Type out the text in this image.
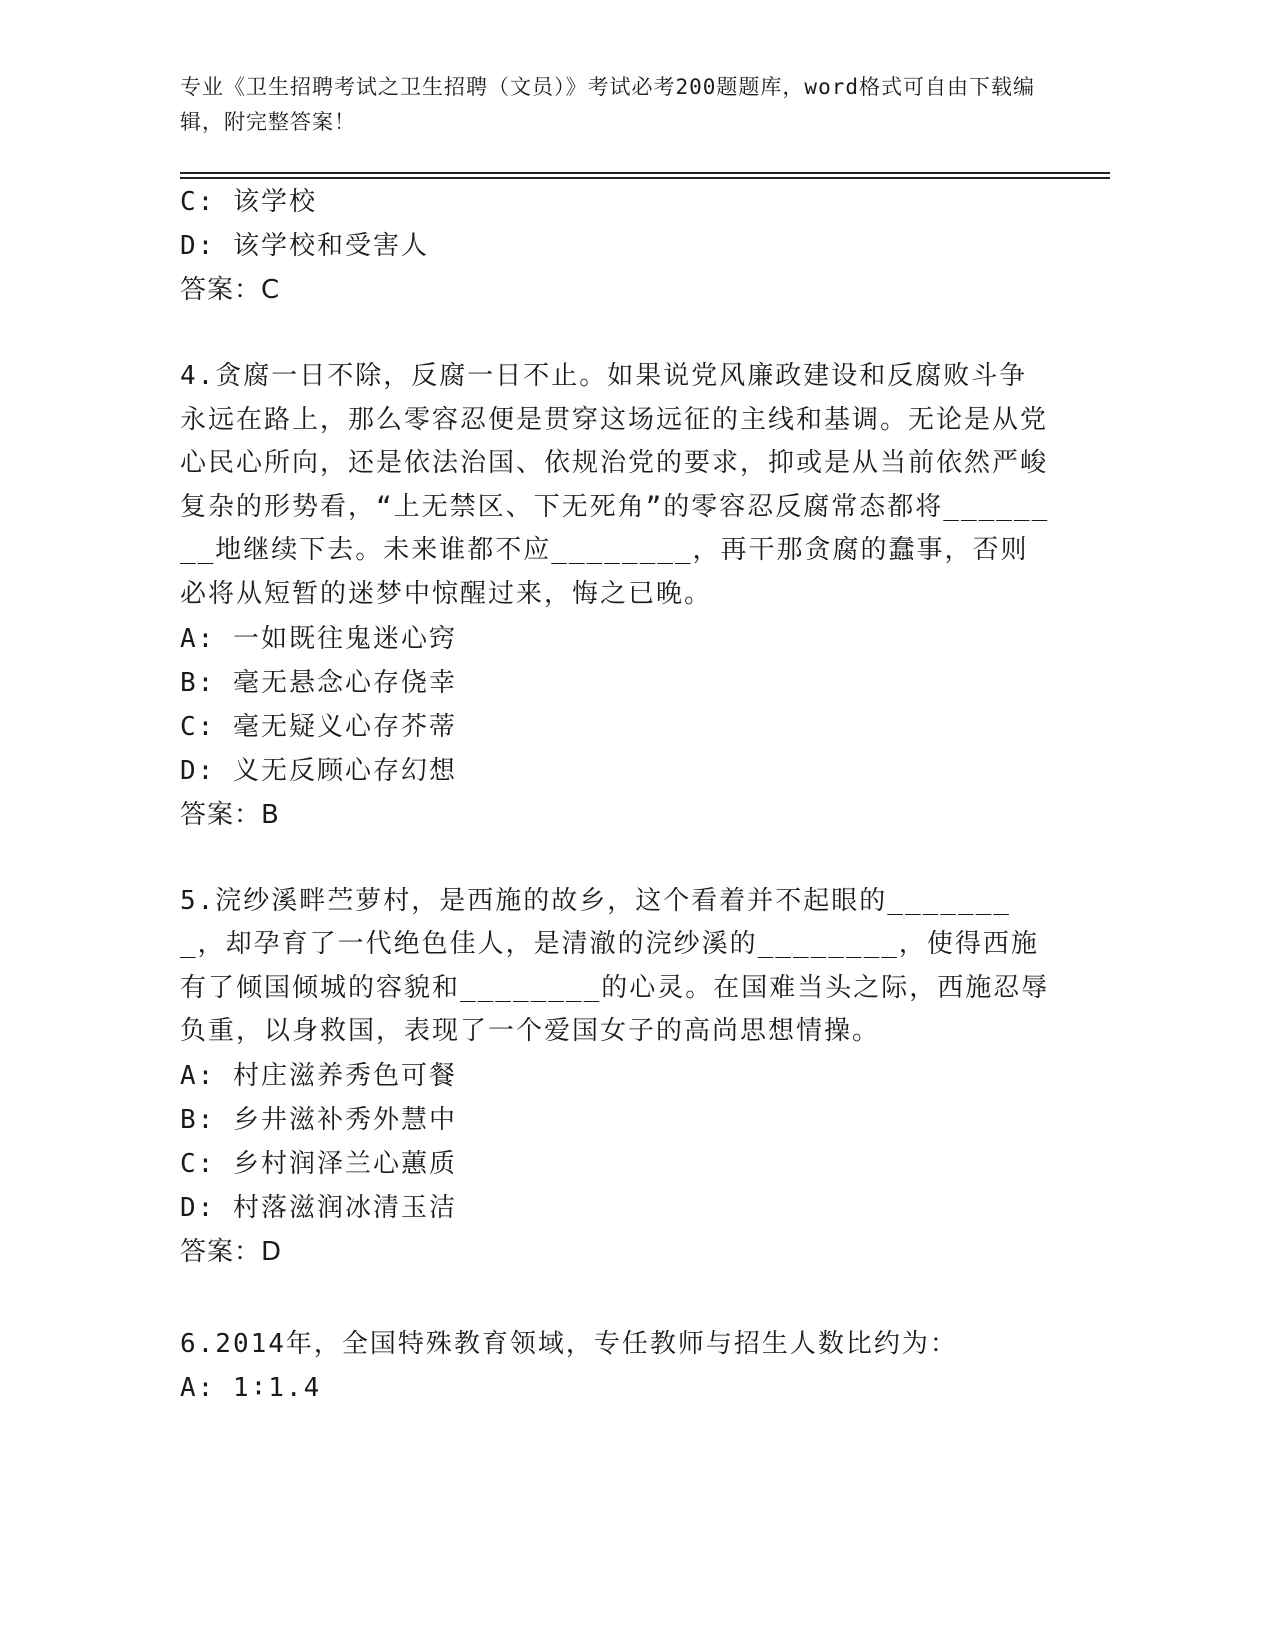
专业《卫生招聘考试之卫生招聘（文员）》考试必考200题题库，word格式可自由下载编辑，附完整答案！
C: 该学校
D: 该学校和受害人
答案：C
4.贪腐一日不除，反腐一日不止。如果说党风廉政建设和反腐败斗争永远在路上，那么零容忍便是贯穿这场远征的主线和基调。无论是从党心民心所向，还是依法治国、依规治党的要求，抑或是从当前依然严峻复杂的形势看，“上无禁区、下无死角”的零容忍反腐常态都将________地继续下去。未来谁都不应________，再干那贪腐的蠢事，否则必将从短暂的迷梦中惊醒过来，悔之已晚。
A: 一如既往鬼迷心窍
B: 毫无悬念心存侥幸
C: 毫无疑义心存芥蒂
D: 义无反顾心存幻想
答案：B
5.浣纱溪畔苎萝村，是西施的故乡，这个看着并不起眼的________，却孕育了一代绝色佳人，是清澈的浣纱溪的________，使得西施有了倾国倾城的容貌和________的心灵。在国难当头之际，西施忍辱负重，以身救国，表现了一个爱国女子的高尚思想情操。
A: 村庄滋养秀色可餐
B: 乡井滋补秀外慧中
C: 乡村润泽兰心蕙质
D: 村落滋润冰清玉洁
答案：D
6.2014年，全国特殊教育领域，专任教师与招生人数比约为：
A: 1∶1.4
